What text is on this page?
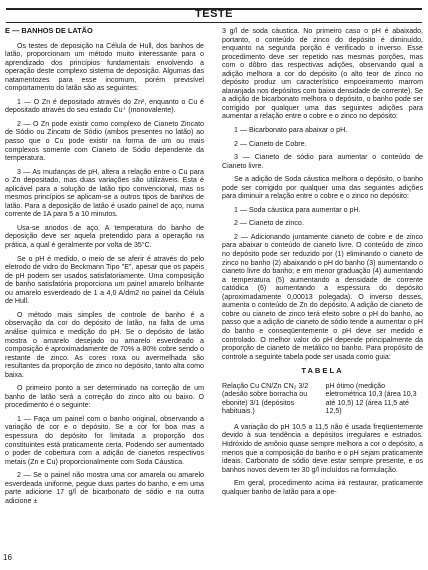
TESTE
E — BANHOS DE LATÃO

Os testes de deposição na Célula de Hull, dos banhos de latão, proporcionam um método muito interessante para o aprendizado dos princípios fundamentais envolvendo a operação deste complexo sistema de deposição. Algumas das natamentozes para esse incomum, porém previsível comportamento do latão são as seguintes:

1 — O Zn é depositado através do Zn², enquanto o Cu é depositado através do seu estado Cu⁺ (monovalente).

2 — O Zn pode existir como complexo de Cianeto Zincato de Sódio ou Zincato de Sódio (ambos presentes no latão) ao passo que o Cu pode existir na forma de um ou mais complexos somente com Cianeto de Sódio dependente da temperatura.

3 — As mudanças de pH, altera a relação entre o Cu para o Zn depositado, mas duas variações são utilizáveis. Esta é aplicável para a solução de latão tipo convencional, mas os mesmos princípios se aplicam-se a outros tipos de banhos de latão. Para a deposição de latão é usado painel de aço, numa corrente de 1A para 5 a 10 minutos.

Usa-se anodos de aço. A temperatura do banho de deposição deve ser aquela pretendido para a operação na prática, a qual é geralmente por volta de 35°C.

Se o pH é medido, o meio de se aferir é através do pelo eletrodo de vidro do Beckmann Tipo "E", apesar que os papéis de pH podem ser usados satisfatoriamente. Uma composição de banho satisfatória proporciona um painel amarelo brilhante ou amarelo esverdeado de 1 a 4,0 A/dm2 no painel da Célula de Hull.

O método mais simples de controle de banho é a observação da cor do depósito de latão, na falta de uma análise química e medição do pH. Se o depósito de latão mostra o amarelo desejado ou amarelo esverdeado a composição é aproximadamente de 70% a 80% cobre sendo o restante de zinco. As cores roxa ou avermelhada são resultantes da proporção de zinco no depósito, tanto alta como baixa.

O primeiro ponto a ser determinado na correção de um banho de latão será a correção do zinco alto ou baixo. O procedimento é o seguinte:

1 — Faça um painel com o banho original, observando a variação de cor e o depósito. Se a cor for boa mas a espessura do depósito for limitada a proporção dos constituintes está praticamente certa. Podendo ser aumentado o poder de cobertura com a adição de cianetos respectivos metais (Zn e Cu) proporcionalmente com Soda Cáustica.

2 — Se o painel não mostra uma cor amarela ou amarelo esverdeada uniforme, pegue duas partes do banho, e em uma parte adicione 17 g/l de bicarbonato de sódio e na outra adicione ±

3 g/l de soda cáustica. No primeiro caso o pH é abaixado, portanto, o conteúdo de zinco do depósito é diminuído, enquanto na segunda porção é verificado o inverso. Esse procedimento deve ser repetido nas mesmas porções, mas com o dôbro das respectivas adições, observando qual a adição melhora a cor do depósito (o alto teor de zinco no depósito produz um característico empoeiramento marrom alaranjada nos depósitos com baixa densidade de corrente). Se a adição de bicarbonato melhora o depósito, o banho pode ser corrigido por qualquer uma das seguintes adições para aumentar a relação entre o cobre e o zinco no depósito:

1 — Bicarbonato para abaixar o pH.

2 — Cianeto de Cobre.

3 — Cianeto de sódio para aumentar o conteúdo de Cianeto livre.

Se a adição de Soda cáustica melhora o depósito, o banho pode ser corrigido por qualquer uma das seguintes adições para diminuir a relação entre o cobre e o zinco no depósito:

1 — Soda cáustica para aumentar o pH.

2 — Cianeto de zinco.

2 — Adicionando juntamente cianeto de cobre e de zinco para abaixar o conteúdo de cianeto livre. O conteúdo de zinco no depósito pode ser reduzido por (1) eliminando o cianeto de zinco no banho (2) abaixando o pH do banho (3) aumentando o cianeto livre do banho; e em menor graduação (4) aumentando a temperatura (5) aumentando a densidade de corrente catódica (6) aumentando a espessura do depósito (aproximadamente 0,00013 polegada). O inverso desses, aumenta o conteúdo de Zn do depósito. A adição de cianeto de cobre ou cianeto de zinco terá efeito sobre o pH do banho, ao passo que a adição de cianeto de sódio tende a aumentar o pH do banho e conseqüentemente o pH deve ser medido e controlado. O melhor valor do pH depende principalmente da proporção de cianeto de metálico no banho. Para propósito de controle a seguinte tabela pode ser usada como guia:

TABELA
Relação Cu CN/Zn CN₂ 3/2 (adesão sobre borracha ou ebonite) 3/1 (depósitos habituais.)
pH ótimo (medição eletrométrica 10,3 (área 10,3 até 10,5) 12 (área 11,5 até 12,5)

A variação do pH 10,5 a 11,5 não é usada freqüentemente devido à sua tendência a depósitos irregulares e estriados. Hidróxido de amônio quase sempre melhora a cor o depósito, a menos que a composição do banho e o pH sejam praticamente ideais. Carbonato de sódio deve estar sempre presente, e os banhos novos devem ter 30 g/l incluídos na formulação.

Em geral, procedimento acima irá restaurar, praticamente qualquer banho de latão para a ope-

16
